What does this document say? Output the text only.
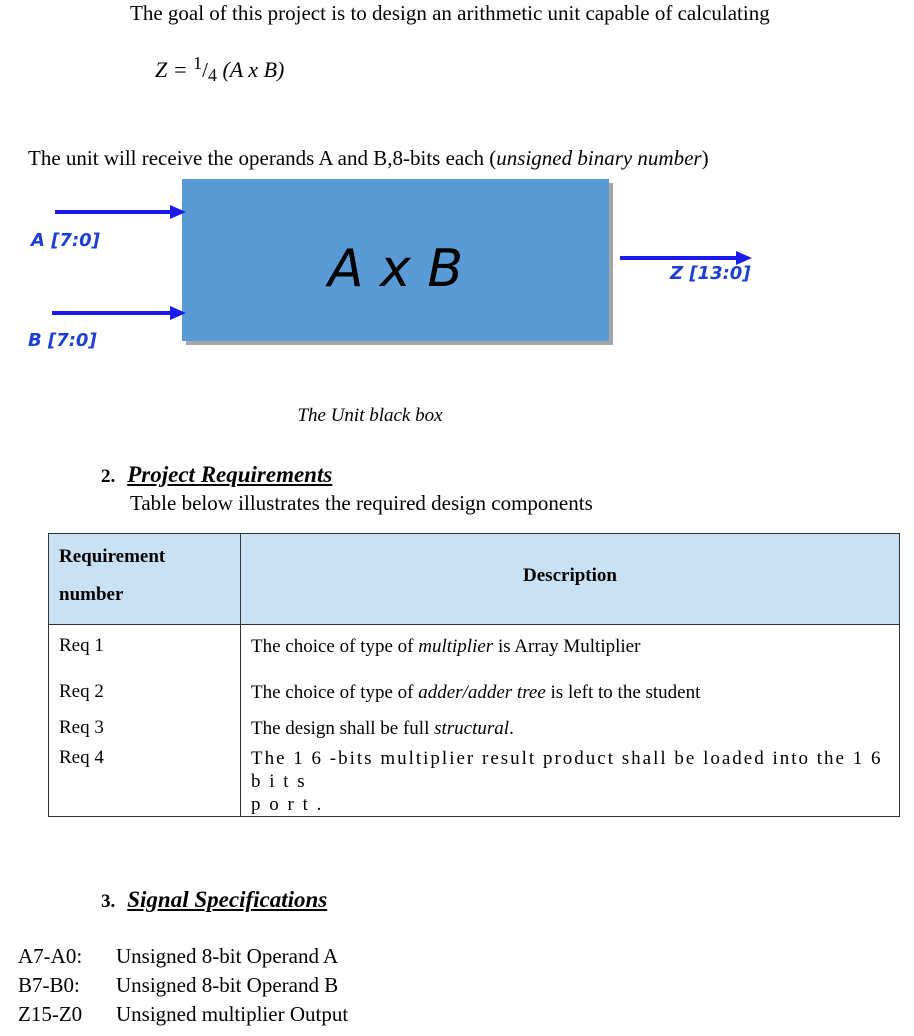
The goal of this project is to design an arithmetic unit capable of calculating
$Z = ^1/_4$ (A x B)
The unit will receive the operands A and B,8-bits each (unsigned binary number)
A x B
A [7:0]
B [7:0]
Z [13:0]
The Unit black box
2. Project Requirements
Table below illustrates the required design components
Requirement
number	Description
Req 1	The choice of type of multiplier is Array Multiplier
Req 2	The choice of type of adder/adder tree is left to the student
Req 3	The design shall be full structural.
Req 4	The 1 6 -bits multiplier result product shall be loaded into the 1 6 b i t s
p o r t .
3. Signal Specifications
A7-A0:	Unsigned 8-bit Operand A
B7-B0:	Unsigned 8-bit Operand B
Z15-Z0	Unsigned multiplier Output
